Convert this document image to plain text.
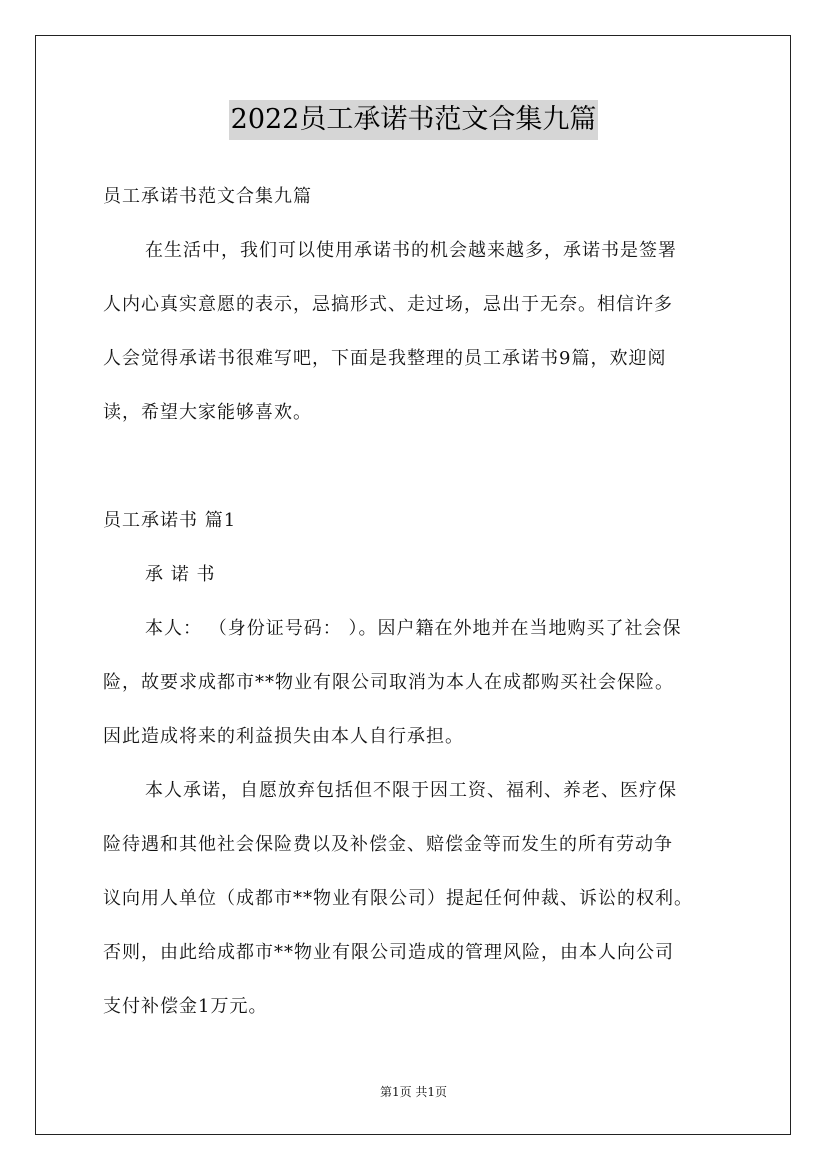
2022员工承诺书范文合集九篇
员工承诺书范文合集九篇
在生活中，我们可以使用承诺书的机会越来越多，承诺书是签署
人内心真实意愿的表示，忌搞形式、走过场，忌出于无奈。相信许多
人会觉得承诺书很难写吧，下面是我整理的员工承诺书9篇，欢迎阅
读，希望大家能够喜欢。
员工承诺书 篇1
承 诺 书
本人： （身份证号码： ）。因户籍在外地并在当地购买了社会保
险，故要求成都市**物业有限公司取消为本人在成都购买社会保险。
因此造成将来的利益损失由本人自行承担。
本人承诺，自愿放弃包括但不限于因工资、福利、养老、医疗保
险待遇和其他社会保险费以及补偿金、赔偿金等而发生的所有劳动争
议向用人单位（成都市**物业有限公司）提起任何仲裁、诉讼的权利。
否则，由此给成都市**物业有限公司造成的管理风险，由本人向公司
支付补偿金1万元。
第1页 共1页
